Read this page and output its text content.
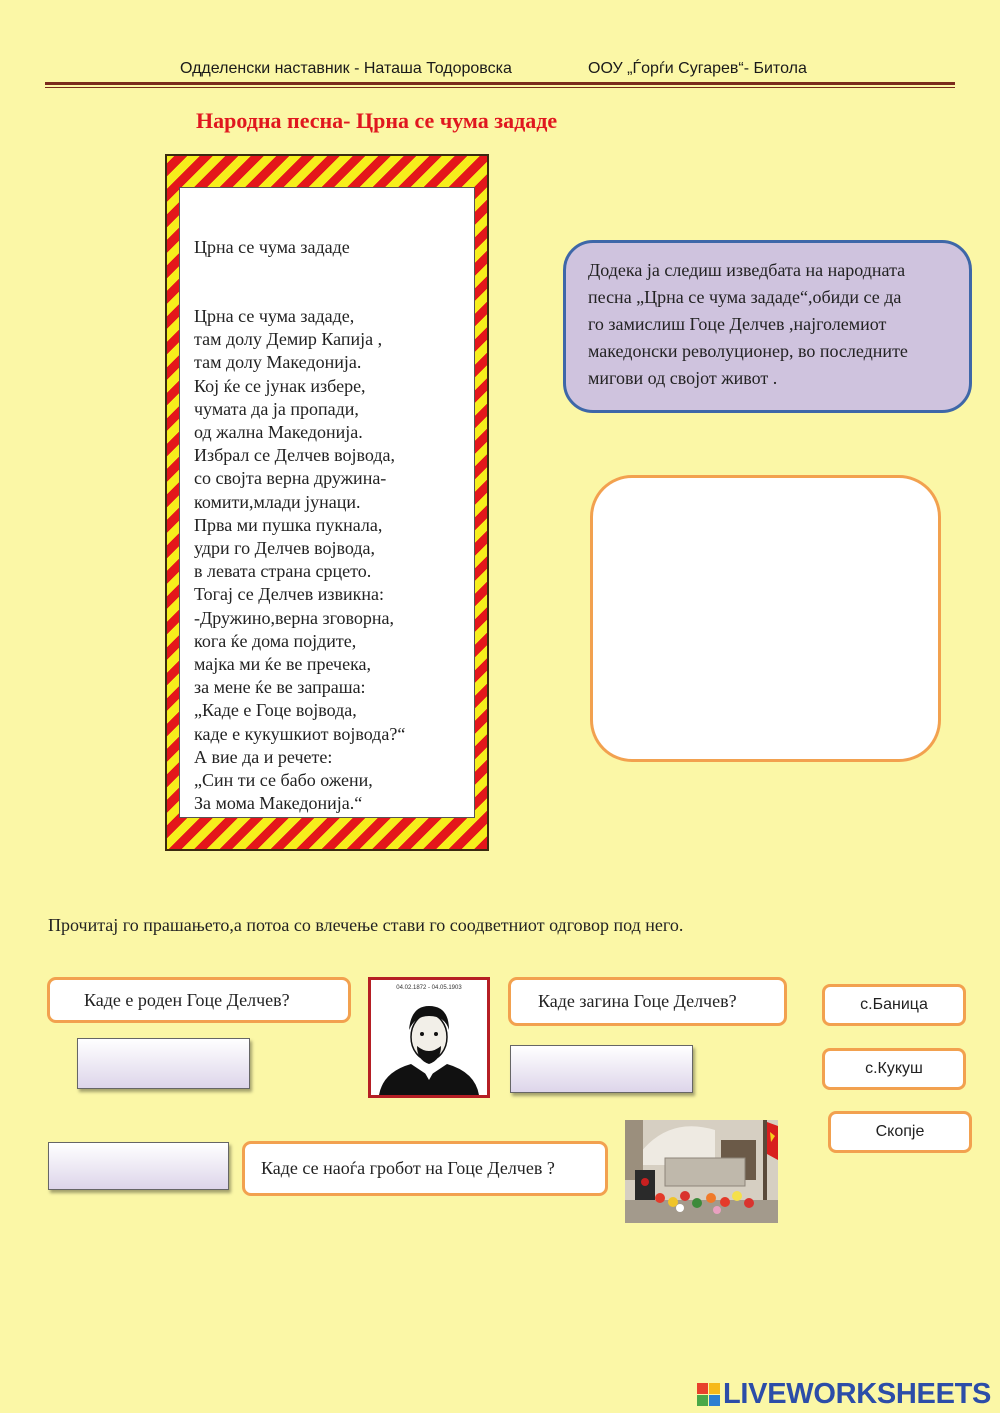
Одделенски наставник - Наташа Тодоровска	ООУ „Ѓорѓи Сугарев“- Битола
Народна песна- Црна се чума зададе
Црна се чума зададе
Црна се чума зададе,
там долу Демир Капија ,
там долу Македонија.
Кој ќе се јунак избере,
чумата да ја пропади,
од жална Македонија.
Избрал се Делчев војвода,
со својта верна дружина-
комити,млади јунаци.
Прва ми пушка пукнала,
удри го Делчев војвода,
в левата страна срцето.
Тогај се Делчев извикна:
-Дружино,верна зговорна,
кога ќе дома појдите,
мајка ми ќе ве пречека,
за мене ќе ве запраша:
„Каде е Гоце војвода,
каде е кукушкиот војвода?“
А вие да и речете:
„Син ти се бабо ожени,
За мома Македонија.“
Додека ја следиш изведбата на народната
песна „Црна се чума зададе“,обиди се да
го замислиш Гоце Делчев ,најголемиот
македонски револуционер, во последните
мигови од својот живот .
Прочитај го прашањето,а потоа со влечење стави го соодветниот одговор под него.
Каде е роден Гоце Делчев?
04.02.1872 - 04.05.1903
Каде загина Гоце Делчев?	с.Баница
с.Кукуш
Скопје
Каде се наоѓа гробот на Гоце Делчев ?
LIVEWORKSHEETS
